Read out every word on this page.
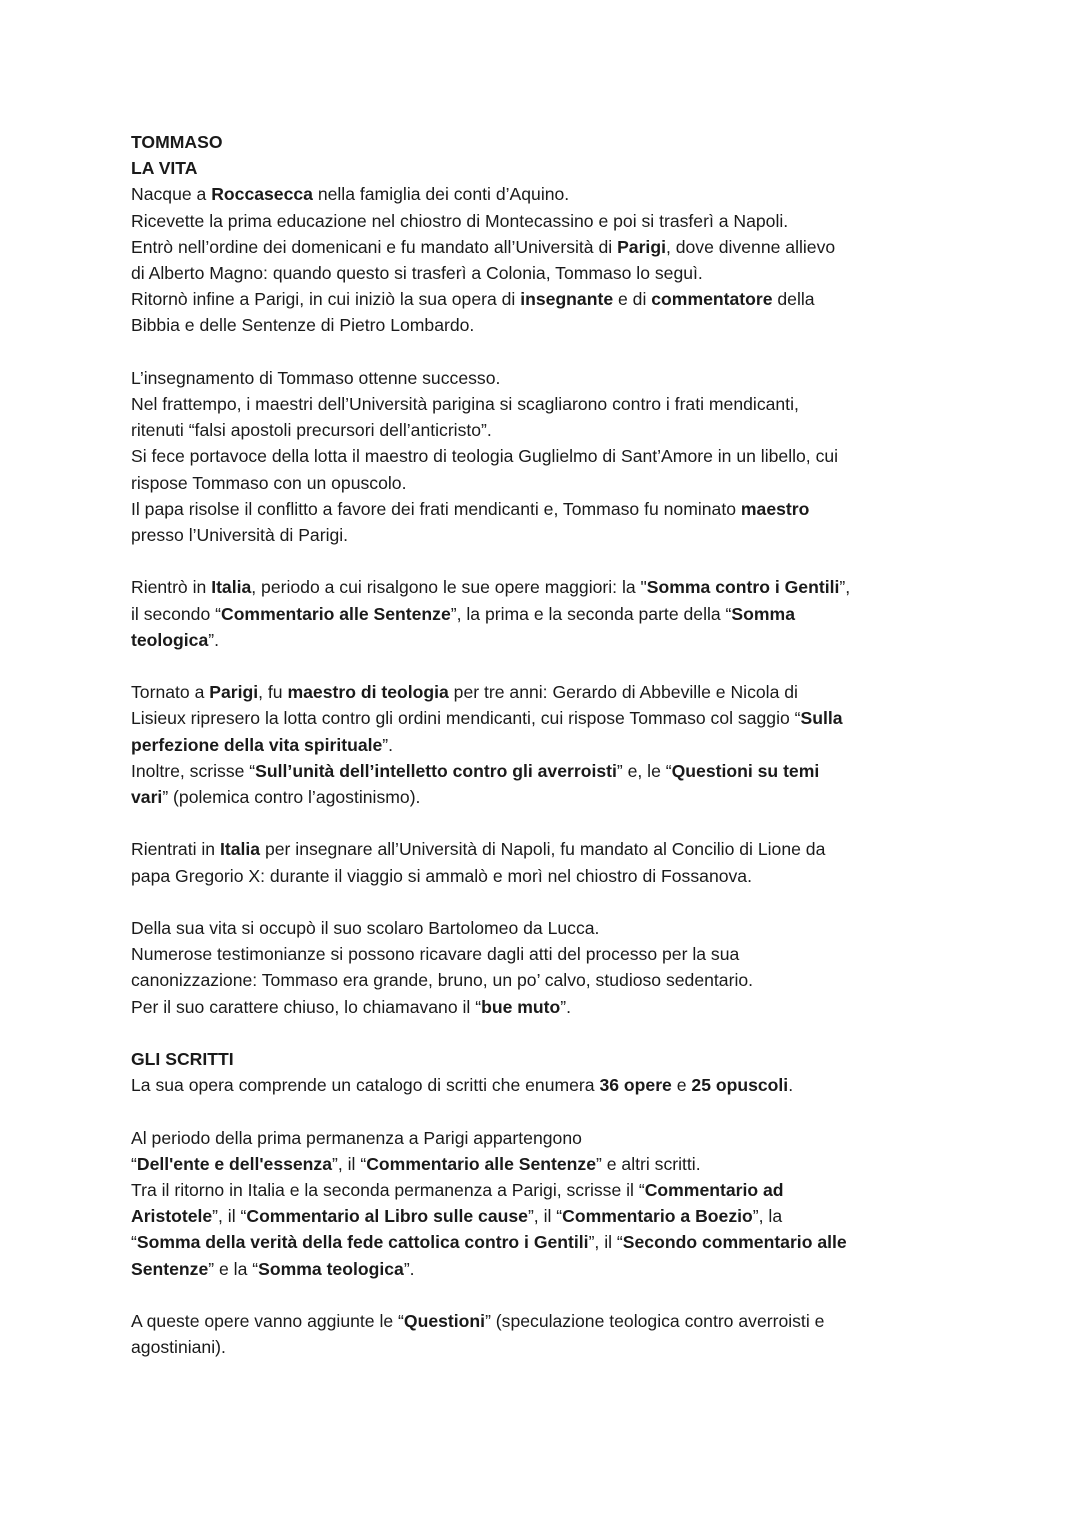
TOMMASO
LA VITA
Nacque a Roccasecca nella famiglia dei conti d’Aquino.
Ricevette la prima educazione nel chiostro di Montecassino e poi si trasferì a Napoli.
Entrò nell’ordine dei domenicani e fu mandato all’Università di Parigi, dove divenne allievo
di Alberto Magno: quando questo si trasferì a Colonia, Tommaso lo seguì.
Ritornò infine a Parigi, in cui iniziò la sua opera di insegnante e di commentatore della
Bibbia e delle Sentenze di Pietro Lombardo.
L’insegnamento di Tommaso ottenne successo.
Nel frattempo, i maestri dell’Università parigina si scagliarono contro i frati mendicanti,
ritenuti “falsi apostoli precursori dell’anticristo”.
Si fece portavoce della lotta il maestro di teologia Guglielmo di Sant’Amore in un libello, cui
rispose Tommaso con un opuscolo.
Il papa risolse il conflitto a favore dei frati mendicanti e, Tommaso fu nominato maestro
presso l’Università di Parigi.
Rientrò in Italia, periodo a cui risalgono le sue opere maggiori: la "Somma contro i Gentili”,
il secondo “Commentario alle Sentenze”, la prima e la seconda parte della “Somma
teologica”.
Tornato a Parigi, fu maestro di teologia per tre anni: Gerardo di Abbeville e Nicola di
Lisieux ripresero la lotta contro gli ordini mendicanti, cui rispose Tommaso col saggio “Sulla
perfezione della vita spirituale”.
Inoltre, scrisse “Sull’unità dell’intelletto contro gli averroisti” e, le “Questioni su temi
vari” (polemica contro l’agostinismo).
Rientrati in Italia per insegnare all’Università di Napoli, fu mandato al Concilio di Lione da
papa Gregorio X: durante il viaggio si ammalò e morì nel chiostro di Fossanova.
Della sua vita si occupò il suo scolaro Bartolomeo da Lucca.
Numerose testimonianze si possono ricavare dagli atti del processo per la sua
canonizzazione: Tommaso era grande, bruno, un po’ calvo, studioso sedentario.
Per il suo carattere chiuso, lo chiamavano il “bue muto”.
GLI SCRITTI
La sua opera comprende un catalogo di scritti che enumera 36 opere e 25 opuscoli.
Al periodo della prima permanenza a Parigi appartengono
“Dell'ente e dell'essenza”, il “Commentario alle Sentenze” e altri scritti.
Tra il ritorno in Italia e la seconda permanenza a Parigi, scrisse il “Commentario ad
Aristotele”, il “Commentario al Libro sulle cause”, il “Commentario a Boezio”, la
“Somma della verità della fede cattolica contro i Gentili”, il “Secondo commentario alle
Sentenze” e la “Somma teologica”.
A queste opere vanno aggiunte le “Questioni” (speculazione teologica contro averroisti e
agostiniani).
